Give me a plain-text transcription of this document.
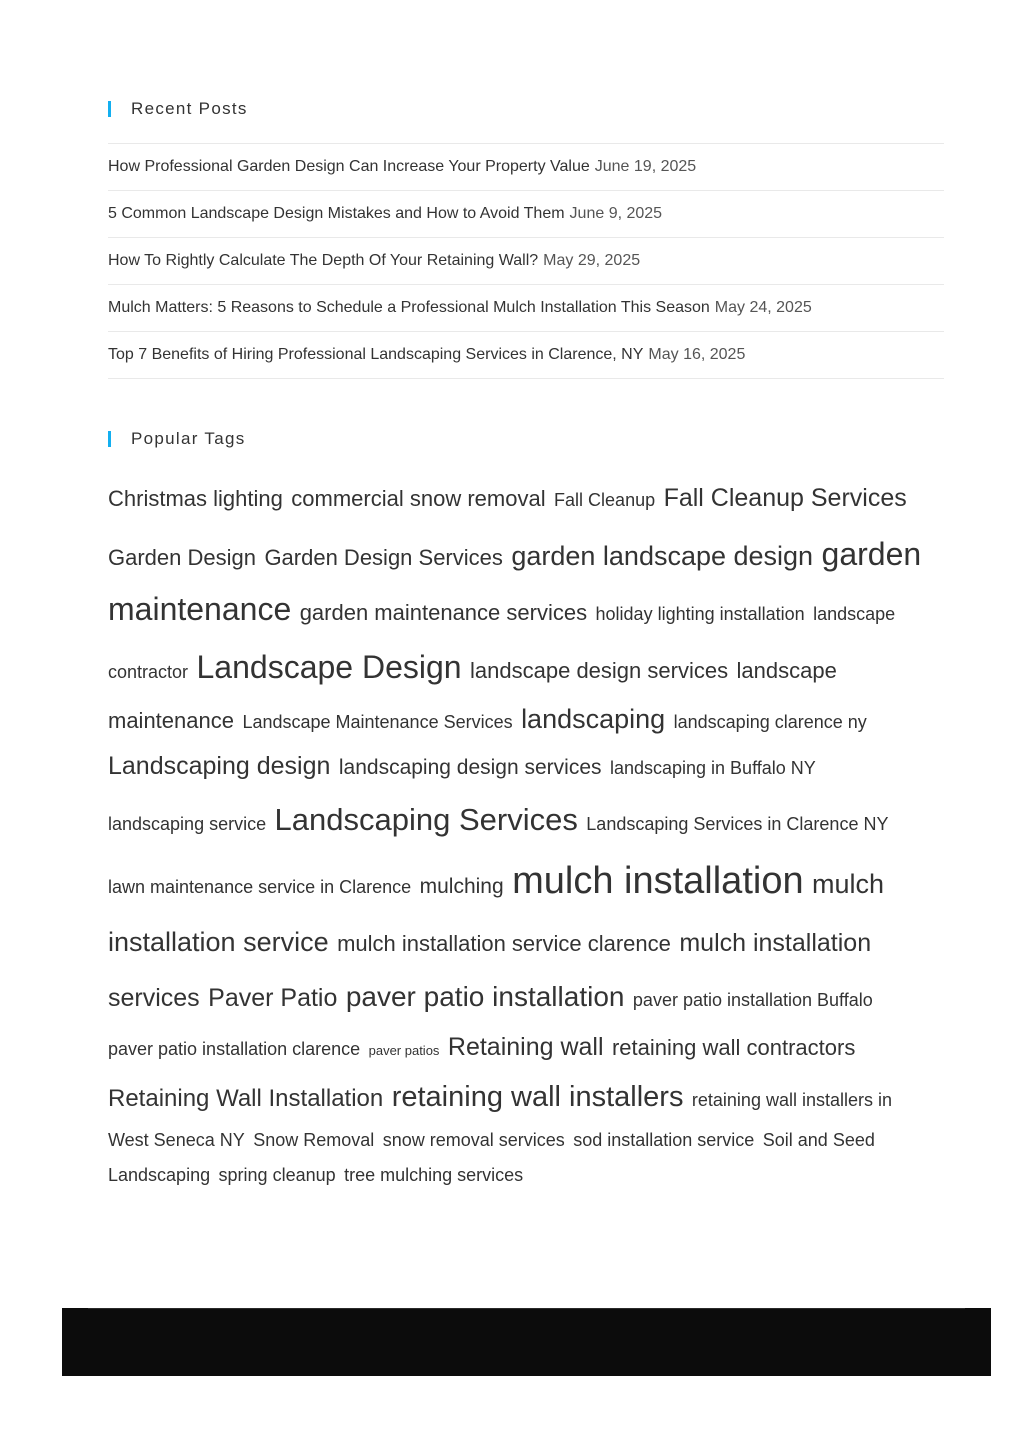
Recent Posts
How Professional Garden Design Can Increase Your Property Value June 19, 2025
5 Common Landscape Design Mistakes and How to Avoid Them June 9, 2025
How To Rightly Calculate The Depth Of Your Retaining Wall? May 29, 2025
Mulch Matters: 5 Reasons to Schedule a Professional Mulch Installation This Season May 24, 2025
Top 7 Benefits of Hiring Professional Landscaping Services in Clarence, NY May 16, 2025
Popular Tags
Christmas lighting commercial snow removal Fall Cleanup Fall Cleanup Services
Garden Design Garden Design Services garden landscape design garden
maintenance garden maintenance services holiday lighting installation landscape
contractor Landscape Design landscape design services landscape
maintenance Landscape Maintenance Services landscaping landscaping clarence ny
Landscaping design landscaping design services landscaping in Buffalo NY
landscaping service Landscaping Services Landscaping Services in Clarence NY
lawn maintenance service in Clarence mulching mulch installation mulch
installation service mulch installation service clarence mulch installation
services Paver Patio paver patio installation paver patio installation Buffalo
paver patio installation clarence paver patios Retaining wall retaining wall contractors
Retaining Wall Installation retaining wall installers retaining wall installers in
West Seneca NY Snow Removal snow removal services sod installation service Soil and Seed
Landscaping spring cleanup tree mulching services
